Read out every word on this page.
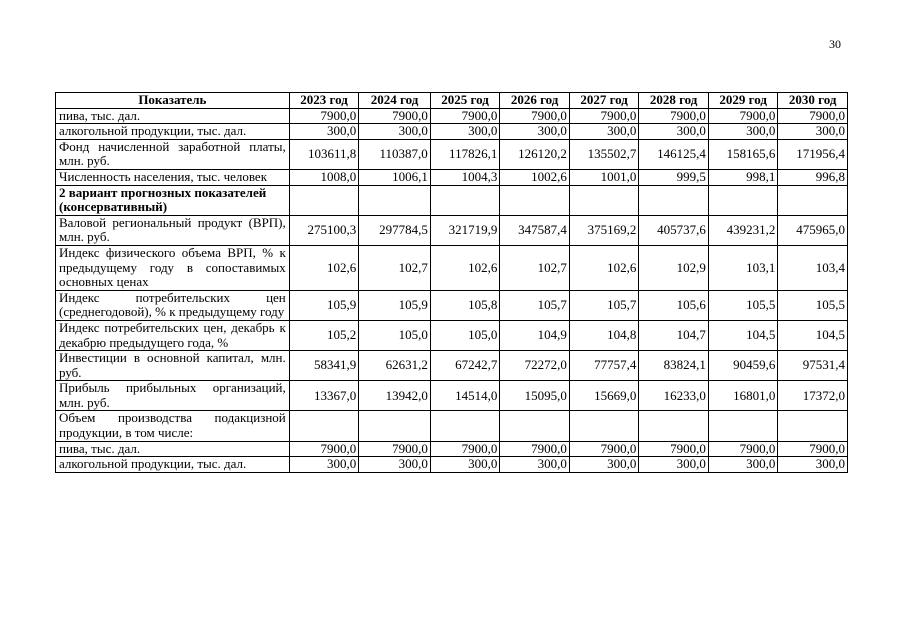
30
Показатель	2023 год	2024 год	2025 год	2026 год	2027 год	2028 год	2029 год	2030 год
пива, тыс. дал.	7900,0	7900,0	7900,0	7900,0	7900,0	7900,0	7900,0	7900,0
алкогольной продукции, тыс. дал.	300,0	300,0	300,0	300,0	300,0	300,0	300,0	300,0
Фонд начисленной заработной платы, млн. руб.	103611,8	110387,0	117826,1	126120,2	135502,7	146125,4	158165,6	171956,4
Численность населения, тыс. человек	1008,0	1006,1	1004,3	1002,6	1001,0	999,5	998,1	996,8
2 вариант прогнозных показателей (консервативный)								
Валовой региональный продукт (ВРП), млн. руб.	275100,3	297784,5	321719,9	347587,4	375169,2	405737,6	439231,2	475965,0
Индекс физического объема ВРП, % к предыдущему году в сопоставимых основных ценах	102,6	102,7	102,6	102,7	102,6	102,9	103,1	103,4
Индекс потребительских цен (среднегодовой), % к предыдущему году	105,9	105,9	105,8	105,7	105,7	105,6	105,5	105,5
Индекс потребительских цен, декабрь к декабрю предыдущего года, %	105,2	105,0	105,0	104,9	104,8	104,7	104,5	104,5
Инвестиции в основной капитал, млн. руб.	58341,9	62631,2	67242,7	72272,0	77757,4	83824,1	90459,6	97531,4
Прибыль прибыльных организаций, млн. руб.	13367,0	13942,0	14514,0	15095,0	15669,0	16233,0	16801,0	17372,0
Объем производства подакцизной продукции, в том числе:								
пива, тыс. дал.	7900,0	7900,0	7900,0	7900,0	7900,0	7900,0	7900,0	7900,0
алкогольной продукции, тыс. дал.	300,0	300,0	300,0	300,0	300,0	300,0	300,0	300,0
